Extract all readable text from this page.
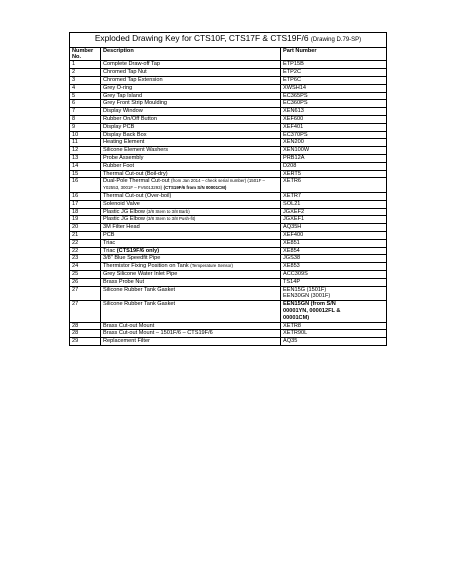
Exploded Drawing Key for CTS10F, CTS17F & CTS19F/6 (Drawing D.79-SP)		
Number
No.	Description	Part Number
1	Complete Draw-off Tap	ETP15B
2	Chromed Tap Nut	ETP2C
3	Chromed Tap Extension	ETP6C
4	Grey O-ring	XWSH14
5	Grey Tap Island	EC365PS
6	Grey Front Strip Moulding	EC360PS
7	Display Window	XEN613
8	Rubber On/Off Button	XEF600
9	Display PCB	XEF401
10	Display Back Box	EC370PS
11	Heating Element	XEN200
12	Silicone Element Washers	XEN100W
13	Probe Assembly	PRB12A
14	Rubber Foot	D208
15	Thermal Cut-out (Boil-dry)	XERT5
16	Dual-Pole Thermal Cut-out (from Jan 2014 – check serial number) (1501F – Y02553, 3001F – FV6013293) (CTS19F/6 from S/N 00001CM)	XETR6
16	Thermal Cut-out (Over-boil)	XETR7
17	Solenoid Valve	SOL21
18	Plastic JG Elbow (3/8 Stem to 3/8 Barb)	JGXEF2
19	Plastic JG Elbow (3/8 Stem to 3/8 Push-fit)	JGXEF1
20	3M Filter Head	AQ35H
21	PCB	XEF400
22	Triac	XE851
22	Triac (CTS19F/6 only)	XE854
23	3/8" Blue Speedfit Pipe	JGS38
24	Thermistor Fixing Position on Tank (Temperature Sensor)	XE853
25	Grey Silicone Water Inlet Pipe	ACC309S
26	Brass Probe Nut	TS14P
27	Silicone Rubber Tank Gasket	EEN15G (1501F)
EEN30GN (3001F)

27	Silicone Rubber Tank Gasket	EEN15GN (from S/N
00001YN, 000012FL &
00001CM)

28	Brass Cut-out Mount	XETR8
28	Brass Cut-out Mount – 1501F/6 – CTS19F/6	XETR90L
29	Replacement Filter	AQ35
